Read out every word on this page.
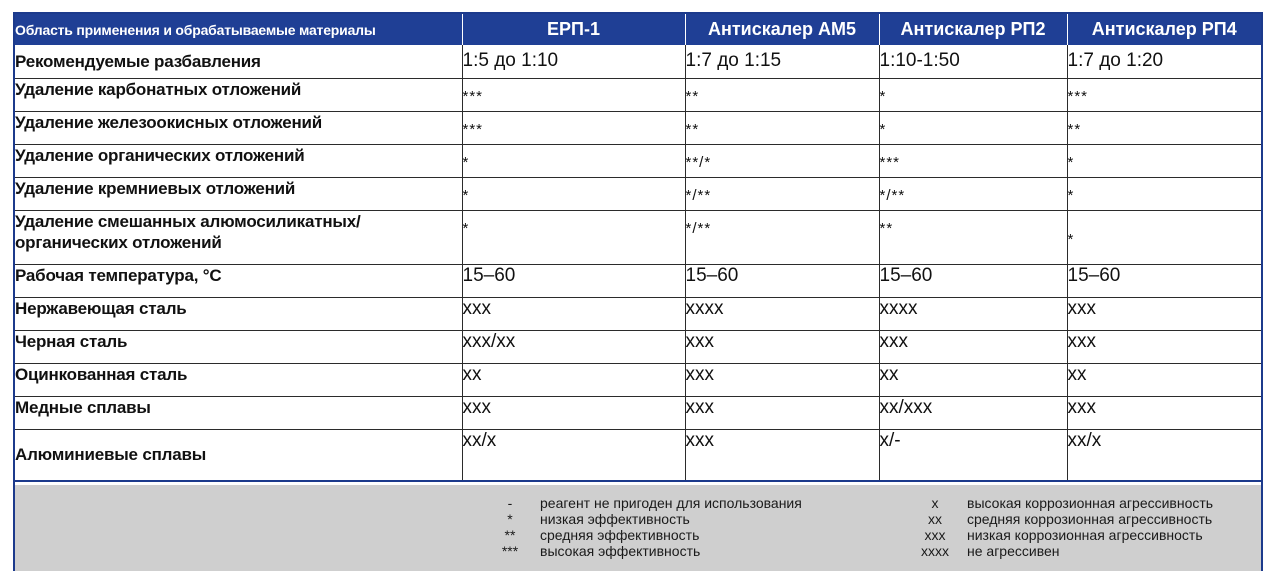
Область применения и обрабатываемые материалы	ЕРП-1	Антискалер АМ5	Антискалер РП2	Антискалер РП4
Рекомендуемые разбавления	1:5 до 1:10	1:7 до 1:15	1:10-1:50	1:7 до 1:20
Удаление карбонатных отложений	***	**	*	***
Удаление железоокисных отложений	***	**	*	**
Удаление органических отложений	*	**/*	***	*
Удаление кремниевых отложений	*	*/**	*/**	*

Удаление смешанных алюмосиликатных/
органических отложений	*	*/**	**	*
Рабочая температура, °C	15–60	15–60	15–60	15–60
Нержавеющая сталь	ххх	хххх	хххх	ххх
Черная сталь	ххх/хх	ххх	ххх	ххх
Оцинкованная сталь	хх	ххх	хх	хх
Медные сплавы	ххх	ххх	хх/ххх	ххх
Алюминиевые сплавы	хх/х	ххх	х/-	хх/x
-	реагент не пригоден для использования	х	высокая коррозионная агрессивность
*	низкая эффективность	хх	средняя коррозионная агрессивность
**	средняя эффективность	ххх	низкая коррозионная агрессивность
***	высокая эффективность	хххх	не агрессивен
